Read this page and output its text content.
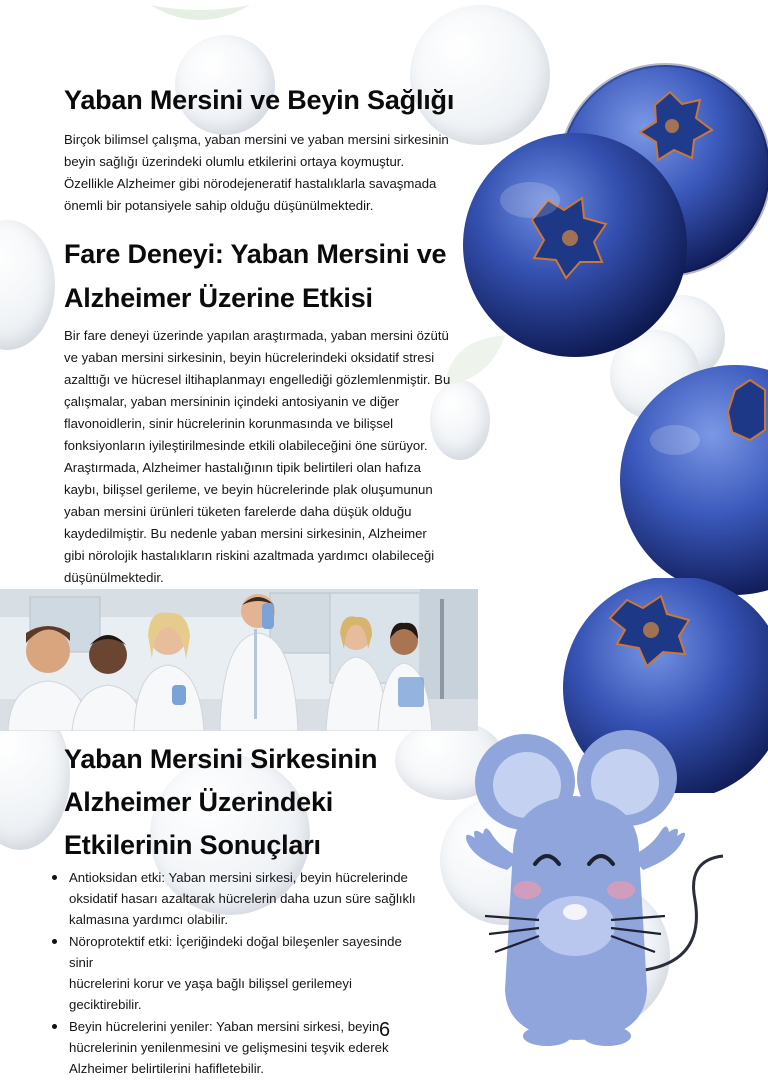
Yaban Mersini ve Beyin Sağlığı
Birçok bilimsel çalışma, yaban mersini ve yaban mersini sirkesinin
beyin sağlığı üzerindeki olumlu etkilerini ortaya koymuştur.
Özellikle Alzheimer gibi nörodejeneratif hastalıklarla savaşmada
önemli bir potansiyele sahip olduğu düşünülmektedir.
Fare Deneyi: Yaban Mersini ve
Alzheimer Üzerine Etkisi
Bir fare deneyi üzerinde yapılan araştırmada, yaban mersini özütü
ve yaban mersini sirkesinin, beyin hücrelerindeki oksidatif stresi
azalttığı ve hücresel iltihaplanmayı engellediği gözlemlenmiştir. Bu
çalışmalar, yaban mersininin içindeki antosiyanin ve diğer
flavonoidlerin, sinir hücrelerinin korunmasında ve bilişsel
fonksiyonların iyileştirilmesinde etkili olabileceğini öne sürüyor.
Araştırmada, Alzheimer hastalığının tipik belirtileri olan hafıza
kaybı, bilişsel gerileme, ve beyin hücrelerinde plak oluşumunun
yaban mersini ürünleri tüketen farelerde daha düşük olduğu
kaydedilmiştir. Bu nedenle yaban mersini sirkesinin, Alzheimer
gibi nörolojik hastalıkların riskini azaltmada yardımcı olabileceği
düşünülmektedir.
Yaban Mersini Sirkesinin
Alzheimer Üzerindeki
Etkilerinin Sonuçları
Antioksidan etki: Yaban mersini sirkesi, beyin hücrelerinde
oksidatif hasarı azaltarak hücrelerin daha uzun süre sağlıklı
kalmasına yardımcı olabilir.
Nöroprotektif etki: İçeriğindeki doğal bileşenler sayesinde sinir
hücrelerini korur ve yaşa bağlı bilişsel gerilemeyi geciktirebilir.
Beyin hücrelerini yeniler: Yaban mersini sirkesi, beyin
hücrelerinin yenilenmesini ve gelişmesini teşvik ederek
Alzheimer belirtilerini hafifletebilir.
6
